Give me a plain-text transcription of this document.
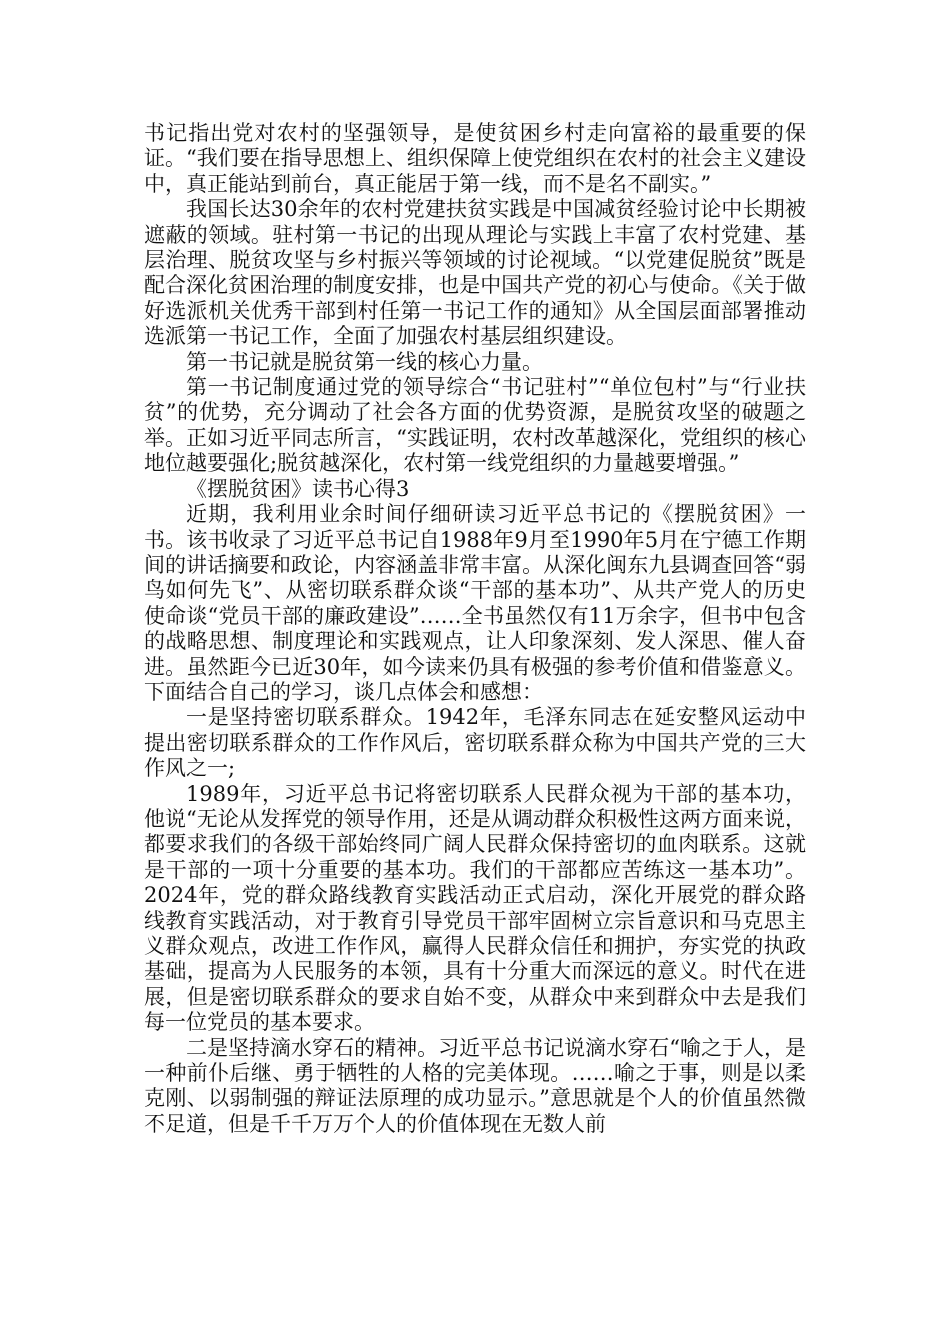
书记指出党对农村的坚强领导，是使贫困乡村走向富裕的最重要的保证。“我们要在指导思想上、组织保障上使党组织在农村的社会主义建设中，真正能站到前台，真正能居于第一线，而不是名不副实。”

我国长达30余年的农村党建扶贫实践是中国减贫经验讨论中长期被遮蔽的领域。驻村第一书记的出现从理论与实践上丰富了农村党建、基层治理、脱贫攻坚与乡村振兴等领域的讨论视域。“以党建促脱贫”既是配合深化贫困治理的制度安排，也是中国共产党的初心与使命。《关于做好选派机关优秀干部到村任第一书记工作的通知》从全国层面部署推动选派第一书记工作，全面了加强农村基层组织建设。

第一书记就是脱贫第一线的核心力量。

第一书记制度通过党的领导综合“书记驻村”“单位包村”与“行业扶贫”的优势，充分调动了社会各方面的优势资源，是脱贫攻坚的破题之举。正如习近平同志所言，“实践证明，农村改革越深化，党组织的核心地位越要强化;脱贫越深化，农村第一线党组织的力量越要增强。”

《摆脱贫困》读书心得3

近期，我利用业余时间仔细研读习近平总书记的《摆脱贫困》一书。该书收录了习近平总书记自1988年9月至1990年5月在宁德工作期间的讲话摘要和政论，内容涵盖非常丰富。从深化闽东九县调查回答“弱鸟如何先飞”、从密切联系群众谈“干部的基本功”、从共产党人的历史使命谈“党员干部的廉政建设”……全书虽然仅有11万余字，但书中包含的战略思想、制度理论和实践观点，让人印象深刻、发人深思、催人奋进。虽然距今已近30年，如今读来仍具有极强的参考价值和借鉴意义。下面结合自己的学习，谈几点体会和感想：

一是坚持密切联系群众。1942年，毛泽东同志在延安整风运动中提出密切联系群众的工作作风后，密切联系群众称为中国共产党的三大作风之一;

1989年，习近平总书记将密切联系人民群众视为干部的基本功，他说“无论从发挥党的领导作用，还是从调动群众积极性这两方面来说，都要求我们的各级干部始终同广阔人民群众保持密切的血肉联系。这就是干部的一项十分重要的基本功。我们的干部都应苦练这一基本功”。2024年，党的群众路线教育实践活动正式启动，深化开展党的群众路线教育实践活动，对于教育引导党员干部牢固树立宗旨意识和马克思主义群众观点，改进工作作风，赢得人民群众信任和拥护，夯实党的执政基础，提高为人民服务的本领，具有十分重大而深远的意义。时代在进展，但是密切联系群众的要求自始不变，从群众中来到群众中去是我们每一位党员的基本要求。

二是坚持滴水穿石的精神。习近平总书记说滴水穿石“喻之于人，是一种前仆后继、勇于牺牲的人格的完美体现。……喻之于事，则是以柔克刚、以弱制强的辩证法原理的成功显示。”意思就是个人的价值虽然微不足道，但是千千万万个人的价值体现在无数人前
